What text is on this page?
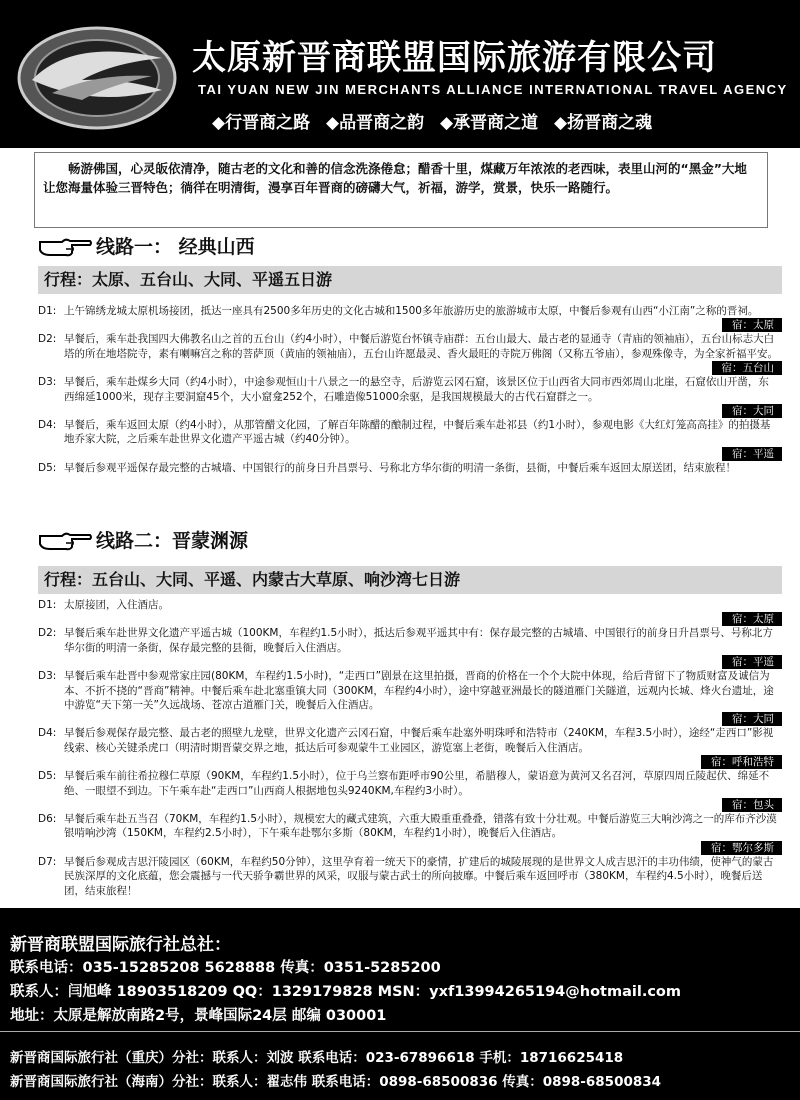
太原新晋商联盟国际旅游有限公司
TAI YUAN NEW JIN MERCHANTS ALLIANCE INTERNATIONAL TRAVEL AGENCY
◆行晋商之路 ◆品晋商之韵 ◆承晋商之道 ◆扬晋商之魂
畅游佛国，心灵皈依清净，随古老的文化和善的信念洗涤倦怠；醋香十里，煤藏万年浓浓的老西味，表里山河的“黑金”大地让您海量体验三晋特色；徜徉在明清街，漫享百年晋商的磅礴大气，祈福，游学，赏景，快乐一路随行。
线路一： 经典山西
行程：太原、五台山、大同、平遥五日游
D1: 上午锦绣龙城太原机场接团，抵达一座具有2500多年历史的文化古城和1500多年旅游历史的旅游城市太原，中餐后参观有山西“小江南”之称的晋祠。
宿：太原
D2: 早餐后，乘车赴我国四大佛教名山之首的五台山（约4小时），中餐后游览台怀镇寺庙群：五台山最大、最古老的显通寺（青庙的领袖庙），五台山标志大白塔的所在地塔院寺，素有喇嘛宫之称的菩萨顶（黄庙的领袖庙），五台山许愿最灵、香火最旺的寺院万佛阁（又称五爷庙），参观殊像寺，为全家祈福平安。
宿：五台山
D3: 早餐后，乘车赴煤乡大同（约4小时），中途参观恒山十八景之一的悬空寺，后游览云冈石窟，该景区位于山西省大同市西郊周山北崖，石窟依山开凿，东西绵延1000米，现存主要洞窟45个，大小窟龛252个，石雕造像51000余驱，是我国规模最大的古代石窟群之一。
宿：大同
D4: 早餐后，乘车返回太原（约4小时），从那管醋文化园，了解百年陈醋的酿制过程，中餐后乘车赴祁县（约1小时），参观电影《大红灯笼高高挂》的拍摄基地乔家大院，之后乘车赴世界文化遗产平遥古城（约40分钟）。
宿：平遥
D5: 早餐后参观平遥保存最完整的古城墙、中国银行的前身日升昌票号、号称北方华尔街的明清一条街，县衙，中餐后乘车返回太原送团，结束旅程！
线路二：晋蒙渊源
行程：五台山、大同、平遥、内蒙古大草原、响沙湾七日游
D1: 太原接团，入住酒店。
宿：太原
D2: 早餐后乘车赴世界文化遗产平遥古城（100KM，车程约1.5小时），抵达后参观平遥其中有：保存最完整的古城墙、中国银行的前身日升昌票号、号称北方华尔街的明清一条街，保存最完整的县衙，晚餐后入住酒店。
宿：平遥
D3: 早餐后乘车赴晋中参观常家庄园(80KM，车程约1.5小时)，“走西口”剧景在这里拍摄，晋商的价格在一个个大院中体现，给后背留下了物质财富及诚信为本、不折不挠的“晋商”精神。中餐后乘车赴北塞重镇大同（300KM，车程约4小时），途中穿越亚洲最长的隧道雁门关隧道，远观内长城、烽火台遗址，途中游览“天下第一关”久远战场、苍凉古道雁门关，晚餐后入住酒店。
宿：大同
D4: 早餐后参观保存最完整、最古老的照壁九龙壁，世界文化遗产云冈石窟，中餐后乘车赴塞外明珠呼和浩特市（240KM，车程3.5小时），途经“走西口”影视线索、核心关键杀虎口（明清时期晋蒙交界之地，抵达后可参观蒙牛工业园区，游览塞上老街，晚餐后入住酒店。
宿：呼和浩特
D5: 早餐后乘车前往希拉穆仁草原（90KM，车程约1.5小时），位于乌兰察布距呼市90公里，希腊穆人，蒙语意为黄河又名召河，草原四周丘陵起伏、绵延不绝、一眼望不到边。下午乘车赴“走西口”山西商人根据地包头9240KM,车程约3小时）。
宿：包头
D6: 早餐后乘车赴五当召（70KM，车程约1.5小时），规模宏大的藏式建筑，六重大殿重重叠叠，错落有致十分壮观。中餐后游览三大响沙湾之一的库布齐沙漠银啃响沙湾（150KM，车程约2.5小时），下午乘车赴鄂尔多斯（80KM，车程约1小时），晚餐后入住酒店。
宿：鄂尔多斯
D7: 早餐后参观成吉思汗陵园区（60KM，车程约50分钟），这里孕育着一统天下的豪情，扩建后的城陵展现的是世界文人成吉思汗的丰功伟绩，使神气的蒙古民族深厚的文化底蕴，您会震撼与一代天骄争霸世界的风采，叹服与蒙古武士的所向披靡。中餐后乘车返回呼市（380KM，车程约4.5小时），晚餐后送团，结束旅程！
新晋商联盟国际旅行社总社：
联系电话：035-15285208 5628888 传真：0351-5285200
联系人：闫旭峰 18903518209 QQ：1329179828 MSN：yxf13994265194@hotmail.com
地址：太原是解放南路2号，景峰国际24层 邮编 030001
新晋商国际旅行社（重庆）分社：联系人：刘波 联系电话：023-67896618 手机：18716625418
新晋商国际旅行社（海南）分社：联系人：翟志伟 联系电话：0898-68500836 传真：0898-68500834
